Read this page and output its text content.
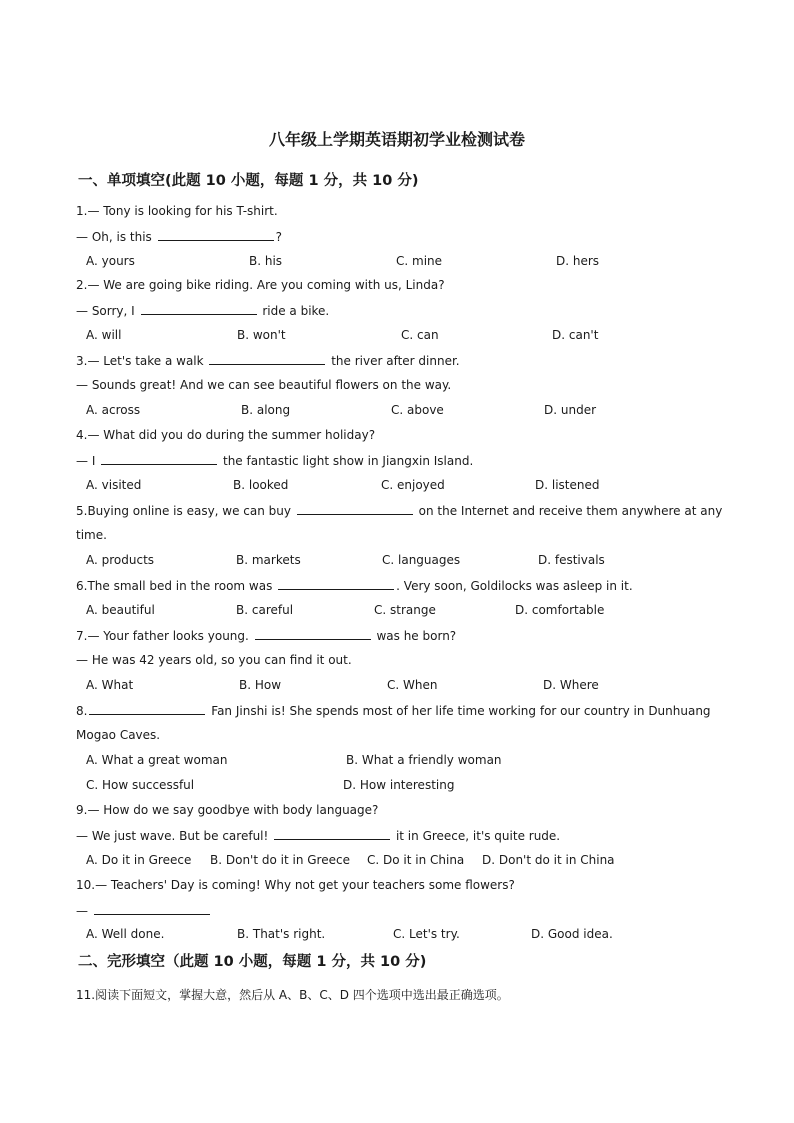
八年级上学期英语期初学业检测试卷
一、单项填空(此题 10 小题，每题 1 分，共 10 分)
1.— Tony is looking for his T-shirt.
— Oh, is this	?
A. yours	B. his	C. mine	D. hers
2.— We are going bike riding. Are you coming with us, Linda?
— Sorry, I	ride a bike.
A. will	B. won't	C. can	D. can't
3.— Let's take a walk	the river after dinner.
— Sounds great! And we can see beautiful flowers on the way.
A. across	B. along	C. above	D. under
4.— What did you do during the summer holiday?
— I	the fantastic light show in Jiangxin Island.
A. visited	B. looked	C. enjoyed	D. listened
5.Buying online is easy, we can buy	on the Internet and receive them anywhere at any
time.
A. products	B. markets	C. languages	D. festivals
6.The small bed in the room was	. Very soon, Goldilocks was asleep in it.
A. beautiful	B. careful	C. strange	D. comfortable
7.— Your father looks young.	was he born?
— He was 42 years old, so you can find it out.
A. What	B. How	C. When	D. Where
8.	Fan Jinshi is! She spends most of her life time working for our country in Dunhuang
Mogao Caves.
A. What a great woman	B. What a friendly woman
C. How successful	D. How interesting
9.— How do we say goodbye with body language?
— We just wave. But be careful!	it in Greece, it's quite rude.
A. Do it in Greece B. Don't do it in Greece C. Do it in China D. Don't do it in China
10.— Teachers' Day is coming! Why not get your teachers some flowers?
—
A. Well done.	B. That's right.	C. Let's try.	D. Good idea.
二、完形填空（此题 10 小题，每题 1 分，共 10 分)
11.阅读下面短文，掌握大意，然后从 A、B、C、D 四个选项中选出最正确选项。
